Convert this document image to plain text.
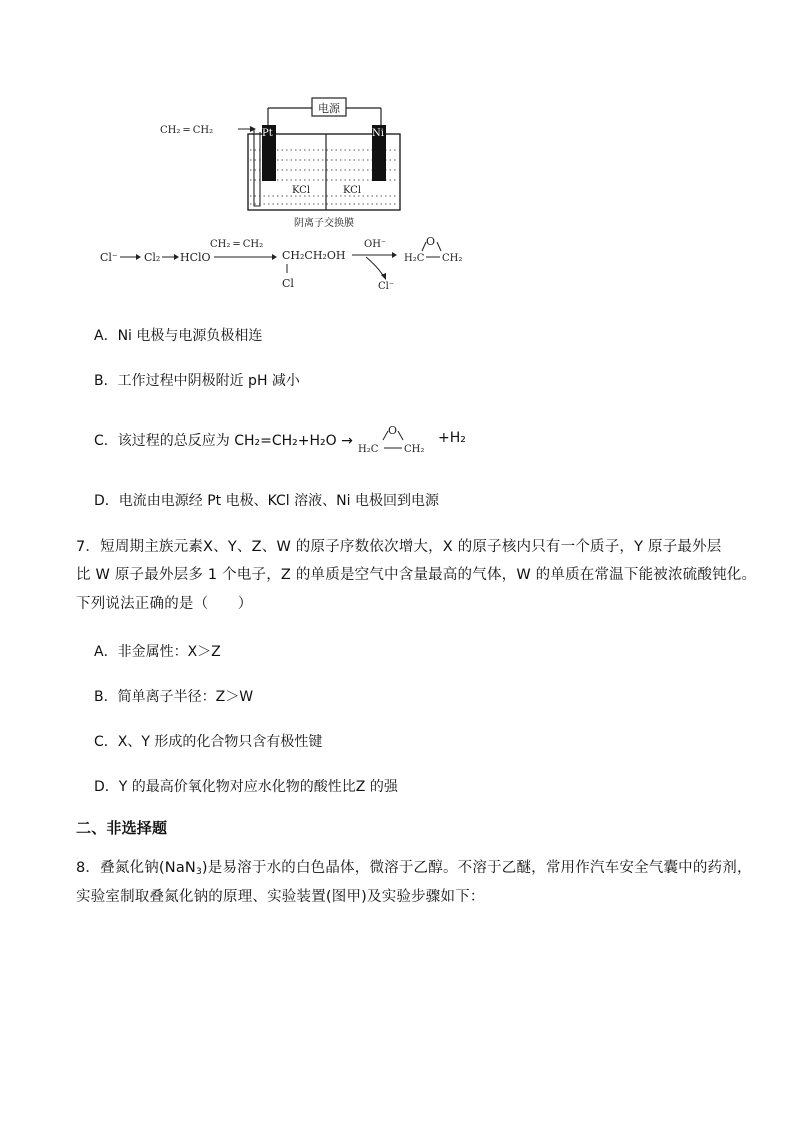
电源
CH₂ ═ CH₂	Pt	Ni
KCl	KCl
阴离子交换膜
Cl⁻ Cl₂ HClO
CH₂ ═ CH₂
CH₂CH₂OH
Cl
OH⁻
Cl⁻
O
H₂C CH₂
A．Ni 电极与电源负极相连
B．工作过程中阴极附近 pH 减小
C．该过程的总反应为 CH₂=CH₂+H₂O →
O
H₂C	CH₂
+H₂
D．电流由电源经 Pt 电极、KCl 溶液、Ni 电极回到电源
7．短周期主族元素X、Y、Z、W 的原子序数依次增大，X 的原子核内只有一个质子，Y 原子最外层
比 W 原子最外层多 1 个电子，Z 的单质是空气中含量最高的气体，W 的单质在常温下能被浓硫酸钝化。
下列说法正确的是（　　）
A．非金属性：X＞Z
B．简单离子半径：Z＞W
C．X、Y 形成的化合物只含有极性键
D．Y 的最高价氧化物对应水化物的酸性比Z 的强
二、非选择题
8．叠氮化钠(NaN$_3$)是易溶于水的白色晶体，微溶于乙醇。不溶于乙醚，常用作汽车安全气囊中的药剂，
实验室制取叠氮化钠的原理、实验装置(图甲)及实验步骤如下：
